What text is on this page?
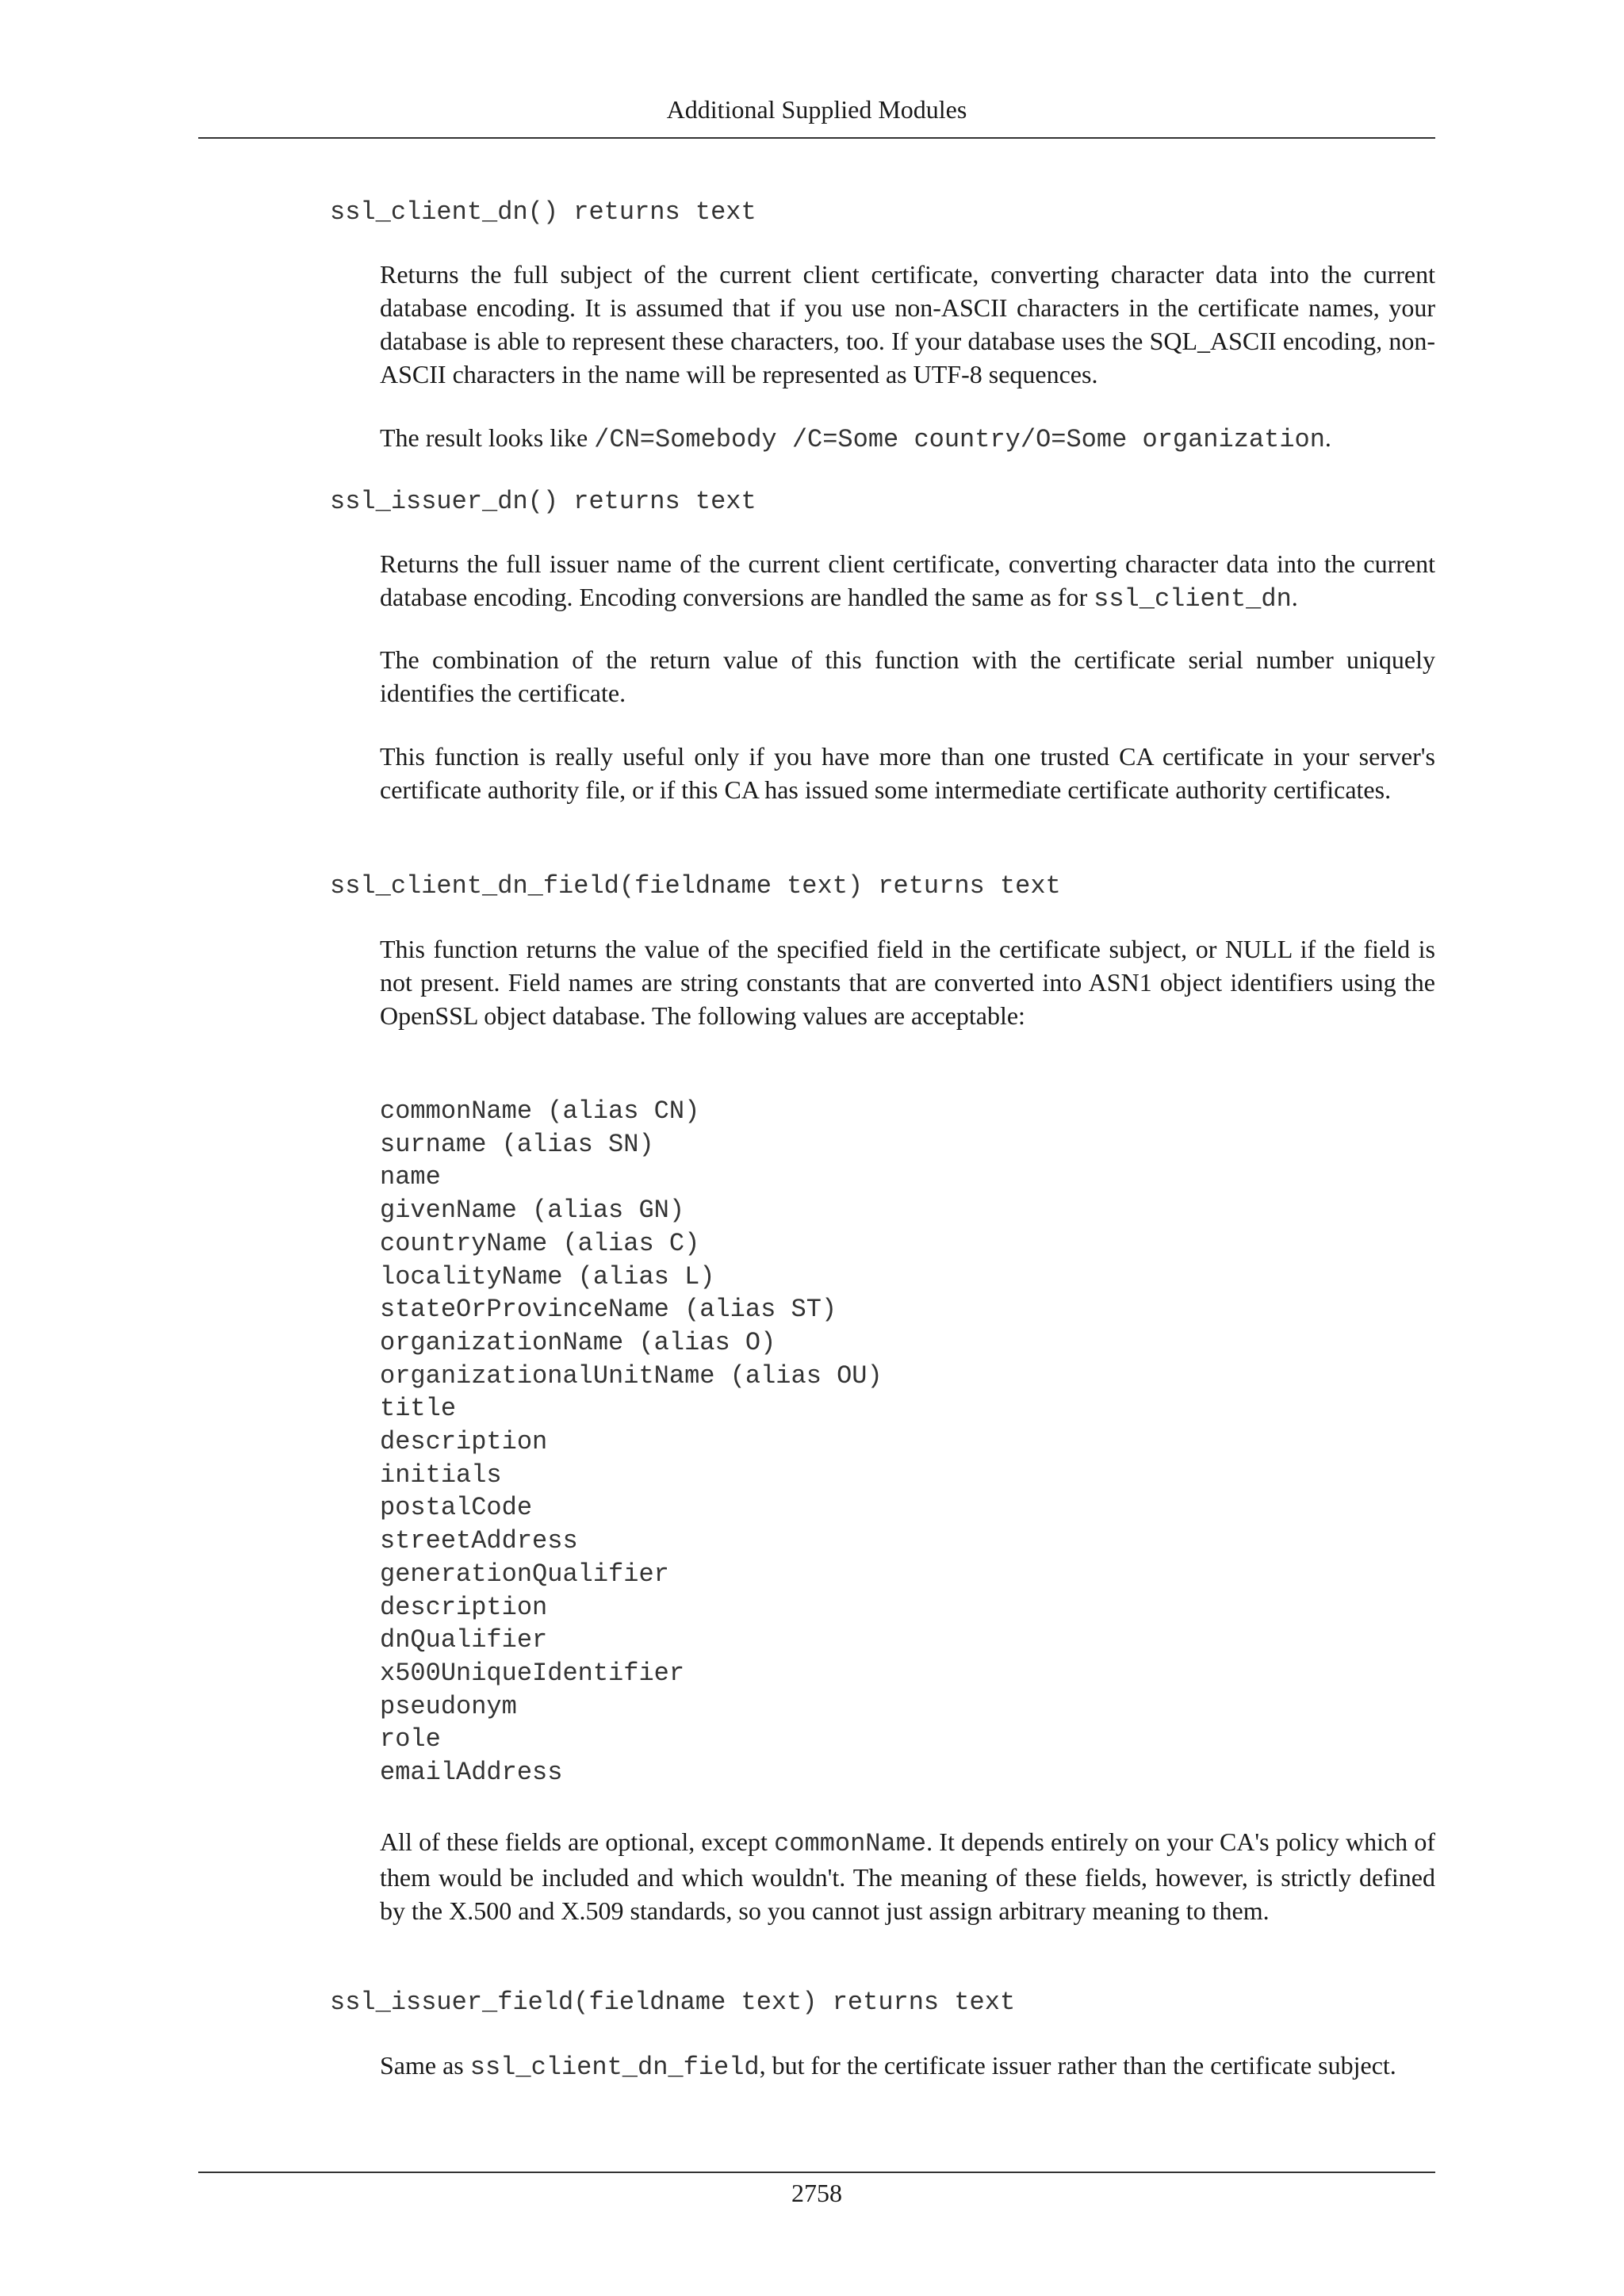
Additional Supplied Modules
ssl_client_dn() returns text
Returns the full subject of the current client certificate, converting character data into the current database encoding. It is assumed that if you use non-ASCII characters in the certificate names, your database is able to represent these characters, too. If your database uses the SQL_ASCII encoding, non-ASCII characters in the name will be represented as UTF-8 sequences.
The result looks like /CN=Somebody /C=Some country/O=Some organization.
ssl_issuer_dn() returns text
Returns the full issuer name of the current client certificate, converting character data into the current database encoding. Encoding conversions are handled the same as for ssl_client_dn.
The combination of the return value of this function with the certificate serial number uniquely identifies the certificate.
This function is really useful only if you have more than one trusted CA certificate in your server's certificate authority file, or if this CA has issued some intermediate certificate authority certificates.
ssl_client_dn_field(fieldname text) returns text
This function returns the value of the specified field in the certificate subject, or NULL if the field is not present. Field names are string constants that are converted into ASN1 object identifiers using the OpenSSL object database. The following values are acceptable:
commonName (alias CN)
surname (alias SN)
name
givenName (alias GN)
countryName (alias C)
localityName (alias L)
stateOrProvinceName (alias ST)
organizationName (alias O)
organizationalUnitName (alias OU)
title
description
initials
postalCode
streetAddress
generationQualifier
description
dnQualifier
x500UniqueIdentifier
pseudonym
role
emailAddress
All of these fields are optional, except commonName. It depends entirely on your CA's policy which of them would be included and which wouldn't. The meaning of these fields, however, is strictly defined by the X.500 and X.509 standards, so you cannot just assign arbitrary meaning to them.
ssl_issuer_field(fieldname text) returns text
Same as ssl_client_dn_field, but for the certificate issuer rather than the certificate subject.
2758
